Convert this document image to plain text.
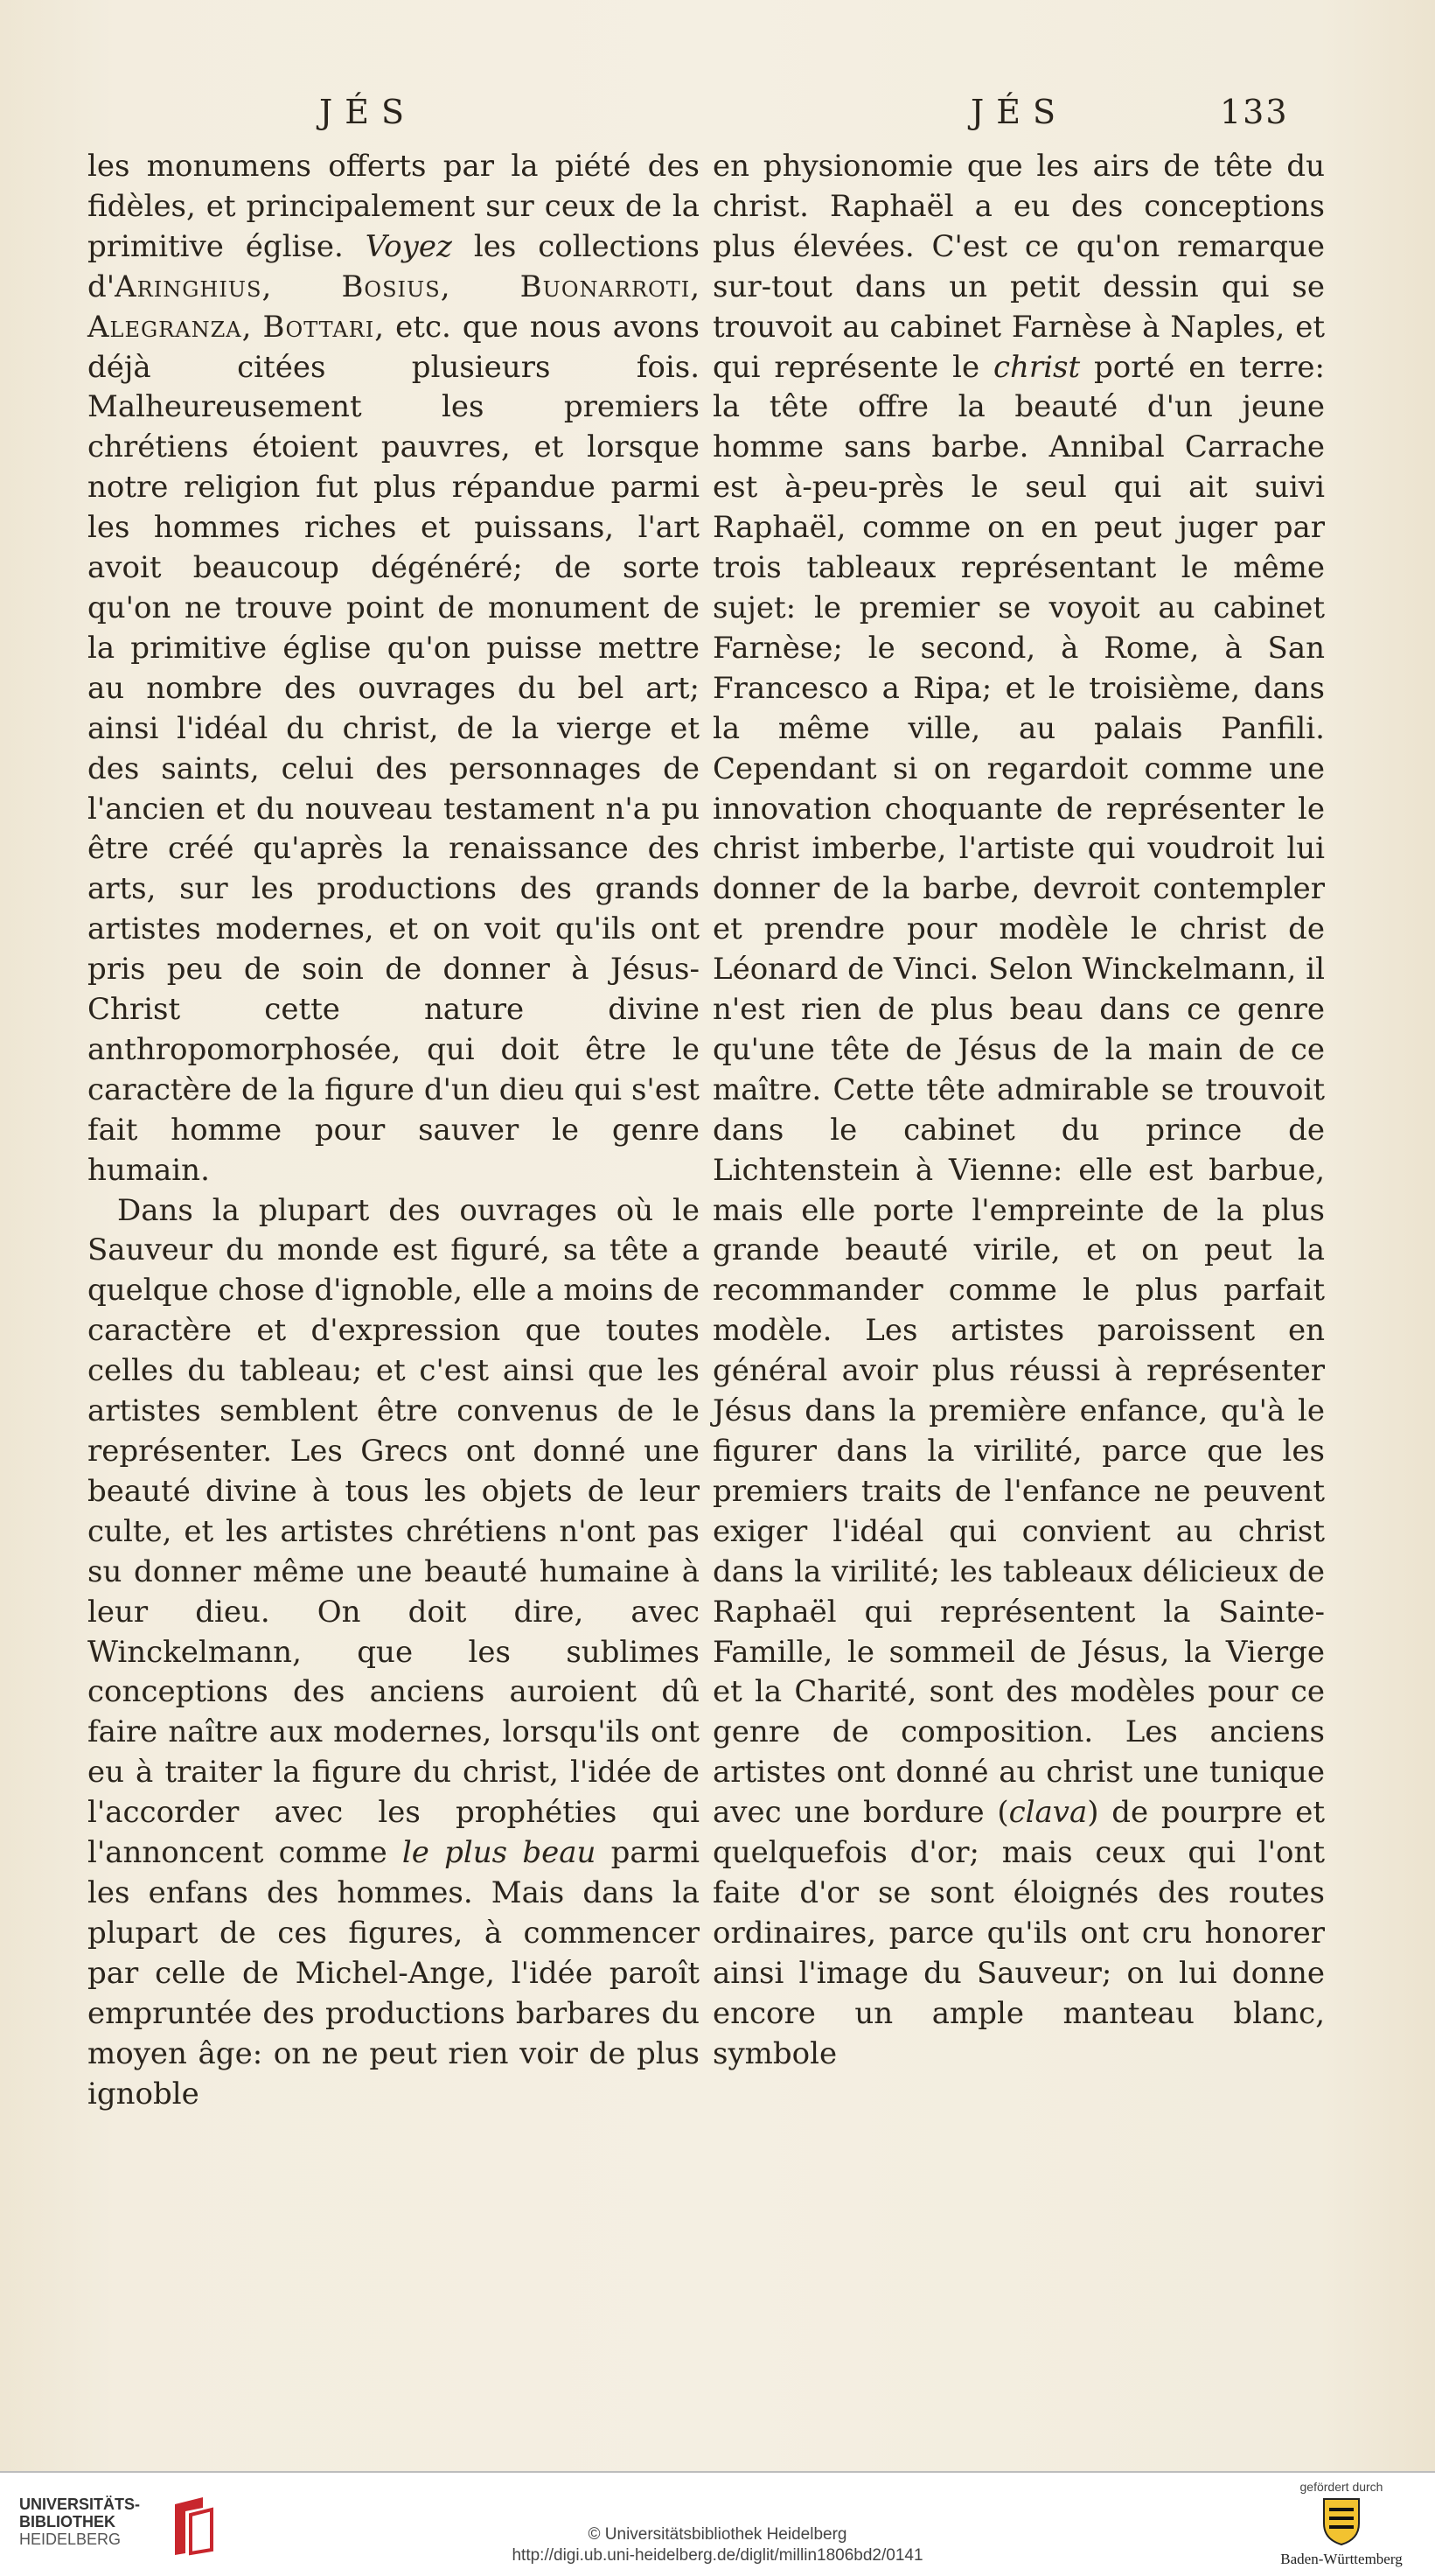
JÉS	JÉS	133

les monumens offerts par la piété des fidèles, et principalement sur ceux de la primitive église. Voyez les collections d'Aringhius, Bosius, Buonarroti, Alegranza, Bottari, etc. que nous avons déjà citées plusieurs fois. Malheureusement les premiers chrétiens étoient pauvres, et lorsque notre religion fut plus répandue parmi les hommes riches et puissans, l'art avoit beaucoup dégénéré; de sorte qu'on ne trouve point de monument de la primitive église qu'on puisse mettre au nombre des ouvrages du bel art; ainsi l'idéal du christ, de la vierge et des saints, celui des personnages de l'ancien et du nouveau testament n'a pu être créé qu'après la renaissance des arts, sur les productions des grands artistes modernes, et on voit qu'ils ont pris peu de soin de donner à Jésus-Christ cette nature divine anthropomorphosée, qui doit être le caractère de la figure d'un dieu qui s'est fait homme pour sauver le genre humain.

Dans la plupart des ouvrages où le Sauveur du monde est figuré, sa tête a quelque chose d'ignoble, elle a moins de caractère et d'expression que toutes celles du tableau; et c'est ainsi que les artistes semblent être convenus de le représenter. Les Grecs ont donné une beauté divine à tous les objets de leur culte, et les artistes chrétiens n'ont pas su donner même une beauté humaine à leur dieu. On doit dire, avec Winckelmann, que les sublimes conceptions des anciens auroient dû faire naître aux modernes, lorsqu'ils ont eu à traiter la figure du christ, l'idée de l'accorder avec les prophéties qui l'annoncent comme le plus beau parmi les enfans des hommes. Mais dans la plupart de ces figures, à commencer par celle de Michel-Ange, l'idée paroît empruntée des productions barbares du moyen âge: on ne peut rien voir de plus ignoble

en physionomie que les airs de tête du christ. Raphaël a eu des conceptions plus élevées. C'est ce qu'on remarque sur-tout dans un petit dessin qui se trouvoit au cabinet Farnèse à Naples, et qui représente le christ porté en terre: la tête offre la beauté d'un jeune homme sans barbe. Annibal Carrache est à-peu-près le seul qui ait suivi Raphaël, comme on en peut juger par trois tableaux représentant le même sujet: le premier se voyoit au cabinet Farnèse; le second, à Rome, à San Francesco a Ripa; et le troisième, dans la même ville, au palais Panfili. Cependant si on regardoit comme une innovation choquante de représenter le christ imberbe, l'artiste qui voudroit lui donner de la barbe, devroit contempler et prendre pour modèle le christ de Léonard de Vinci. Selon Winckelmann, il n'est rien de plus beau dans ce genre qu'une tête de Jésus de la main de ce maître. Cette tête admirable se trouvoit dans le cabinet du prince de Lichtenstein à Vienne: elle est barbue, mais elle porte l'empreinte de la plus grande beauté virile, et on peut la recommander comme le plus parfait modèle. Les artistes paroissent en général avoir plus réussi à représenter Jésus dans la première enfance, qu'à le figurer dans la virilité, parce que les premiers traits de l'enfance ne peuvent exiger l'idéal qui convient au christ dans la virilité; les tableaux délicieux de Raphaël qui représentent la Sainte-Famille, le sommeil de Jésus, la Vierge et la Charité, sont des modèles pour ce genre de composition. Les anciens artistes ont donné au christ une tunique avec une bordure (clava) de pourpre et quelquefois d'or; mais ceux qui l'ont faite d'or se sont éloignés des routes ordinaires, parce qu'ils ont cru honorer ainsi l'image du Sauveur; on lui donne encore un ample manteau blanc, symbole

UNIVERSITÄTS-
BIBLIOTHEK
HEIDELBERG	© Universitätsbibliothek Heidelberg
http://digi.ub.uni-heidelberg.de/diglit/millin1806bd2/0141
gefördert durch
Baden-Württemberg
